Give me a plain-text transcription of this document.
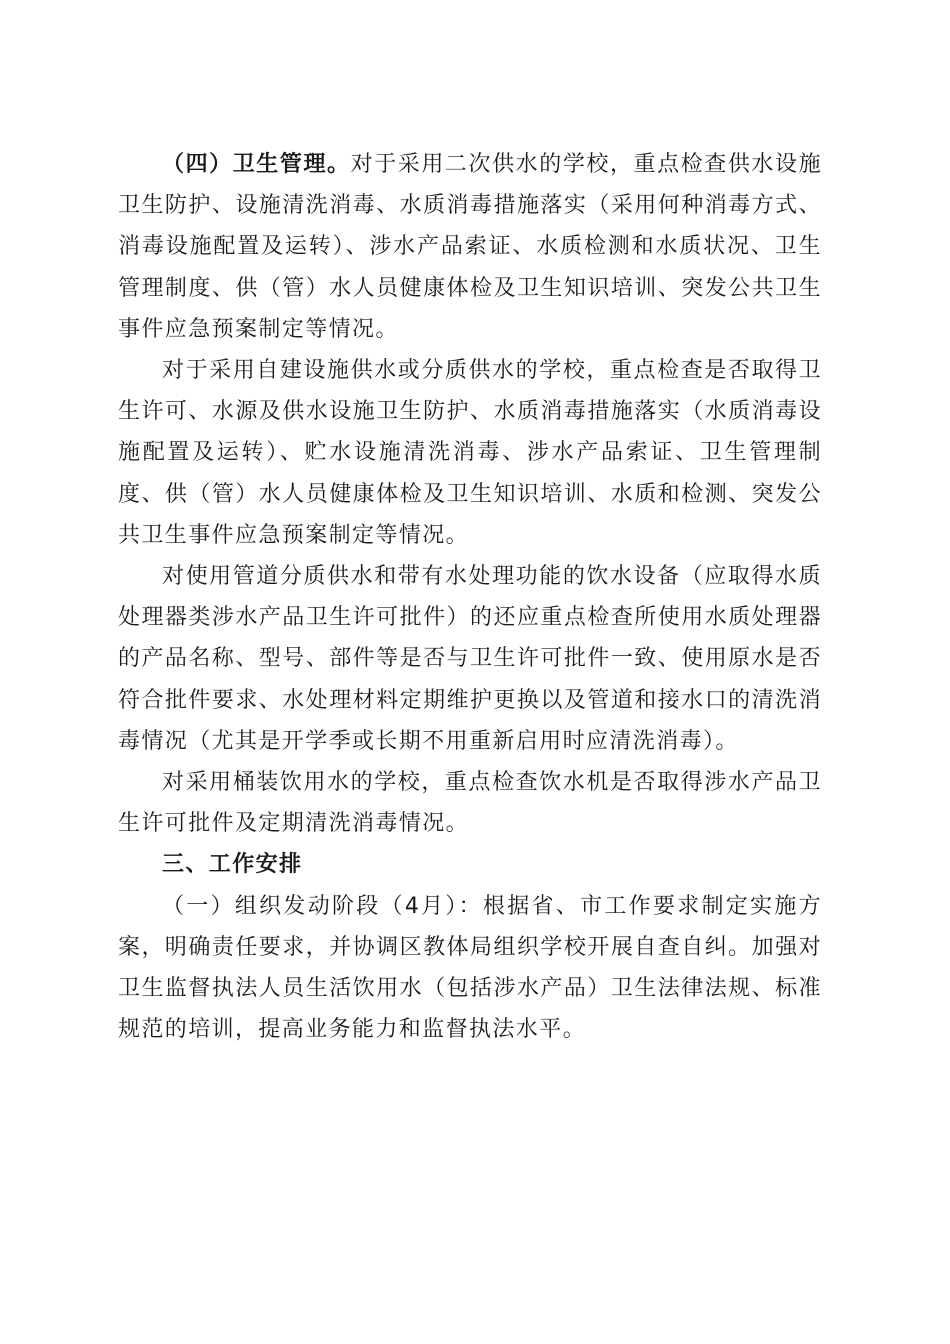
（四）卫生管理。对于采用二次供水的学校，重点检查供水设施卫生防护、设施清洗消毒、水质消毒措施落实（采用何种消毒方式、消毒设施配置及运转）、涉水产品索证、水质检测和水质状况、卫生管理制度、供（管）水人员健康体检及卫生知识培训、突发公共卫生事件应急预案制定等情况。

对于采用自建设施供水或分质供水的学校，重点检查是否取得卫生许可、水源及供水设施卫生防护、水质消毒措施落实（水质消毒设施配置及运转）、贮水设施清洗消毒、涉水产品索证、卫生管理制度、供（管）水人员健康体检及卫生知识培训、水质和检测、突发公共卫生事件应急预案制定等情况。

对使用管道分质供水和带有水处理功能的饮水设备（应取得水质处理器类涉水产品卫生许可批件）的还应重点检查所使用水质处理器的产品名称、型号、部件等是否与卫生许可批件一致、使用原水是否符合批件要求、水处理材料定期维护更换以及管道和接水口的清洗消毒情况（尤其是开学季或长期不用重新启用时应清洗消毒）。

对采用桶装饮用水的学校，重点检查饮水机是否取得涉水产品卫生许可批件及定期清洗消毒情况。

三、工作安排

（一）组织发动阶段（4月）：根据省、市工作要求制定实施方案，明确责任要求，并协调区教体局组织学校开展自查自纠。加强对卫生监督执法人员生活饮用水（包括涉水产品）卫生法律法规、标准规范的培训，提高业务能力和监督执法水平。
